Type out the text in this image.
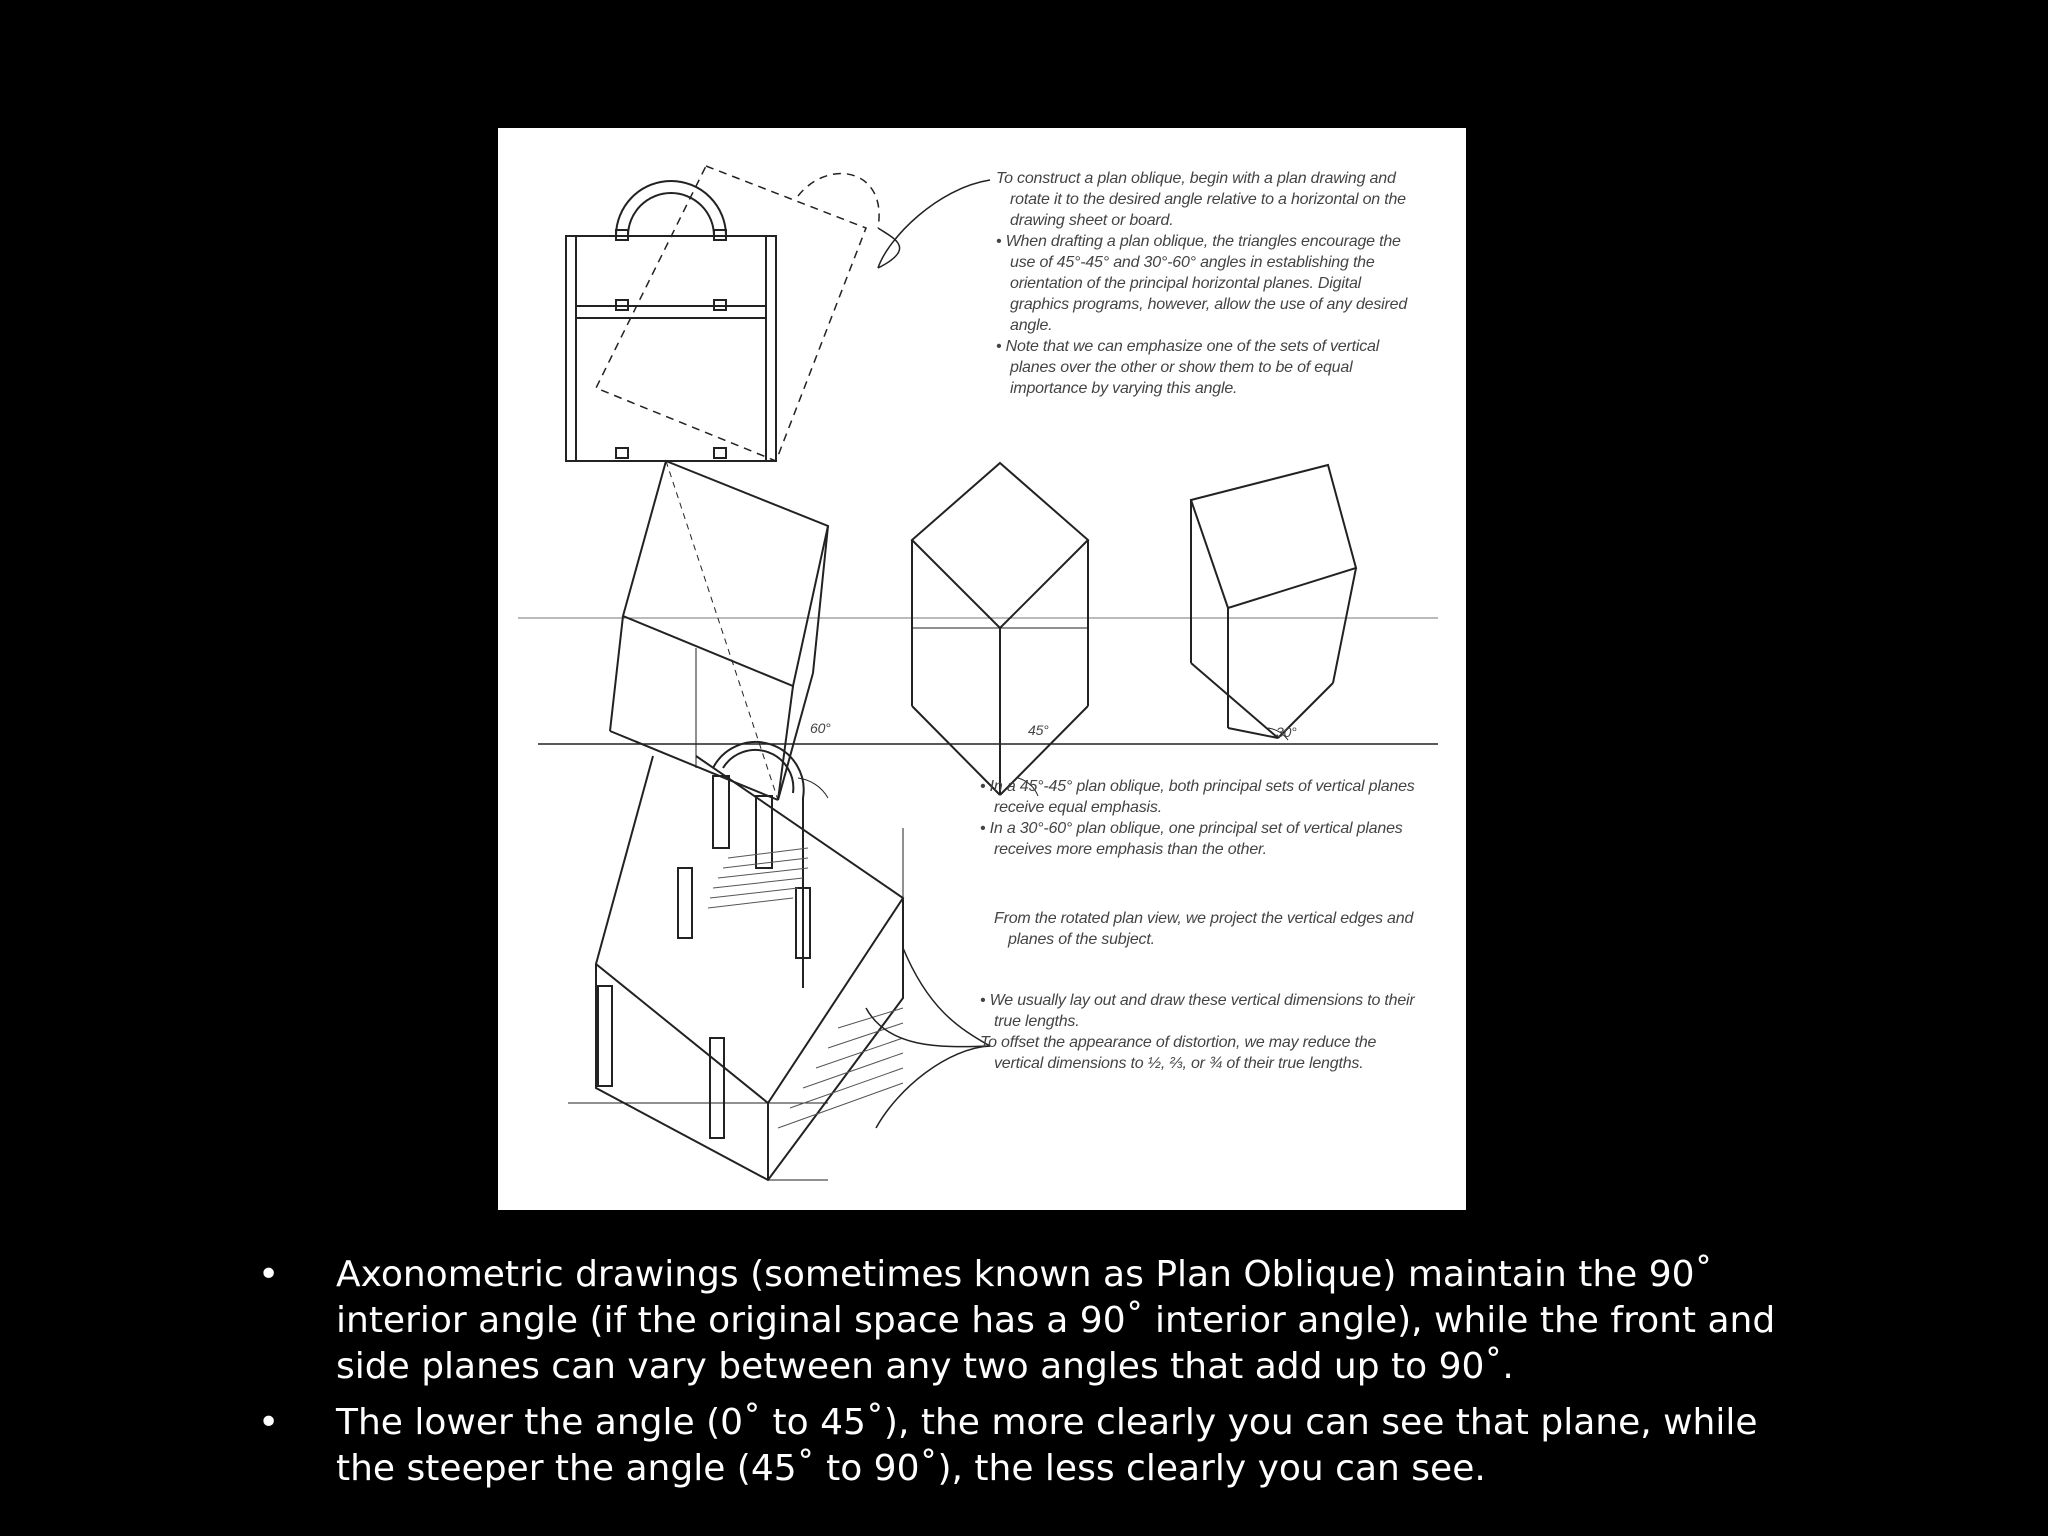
To construct a plan oblique, begin with a plan drawing and rotate it to the desired angle relative to a horizontal on the drawing sheet or board.

• When drafting a plan oblique, the triangles encourage the use of 45°-45° and 30°-60° angles in establishing the orientation of the principal horizontal planes. Digital graphics programs, however, allow the use of any desired angle.

• Note that we can emphasize one of the sets of vertical planes over the other or show them to be of equal importance by varying this angle.

60°	45°	30°

• In a 45°-45° plan oblique, both principal sets of vertical planes receive equal emphasis.

• In a 30°-60° plan oblique, one principal set of vertical planes receives more emphasis than the other.

From the rotated plan view, we project the vertical edges and planes of the subject.

• We usually lay out and draw these vertical dimensions to their true lengths.

To offset the appearance of distortion, we may reduce the vertical dimensions to ½, ⅔, or ¾ of their true lengths.

• Axonometric drawings (sometimes known as Plan Oblique) maintain the 90˚ interior angle (if the original space has a 90˚ interior angle), while the front and side planes can vary between any two angles that add up to 90˚.
• The lower the angle (0˚ to 45˚), the more clearly you can see that plane, while the steeper the angle (45˚ to 90˚), the less clearly you can see.
